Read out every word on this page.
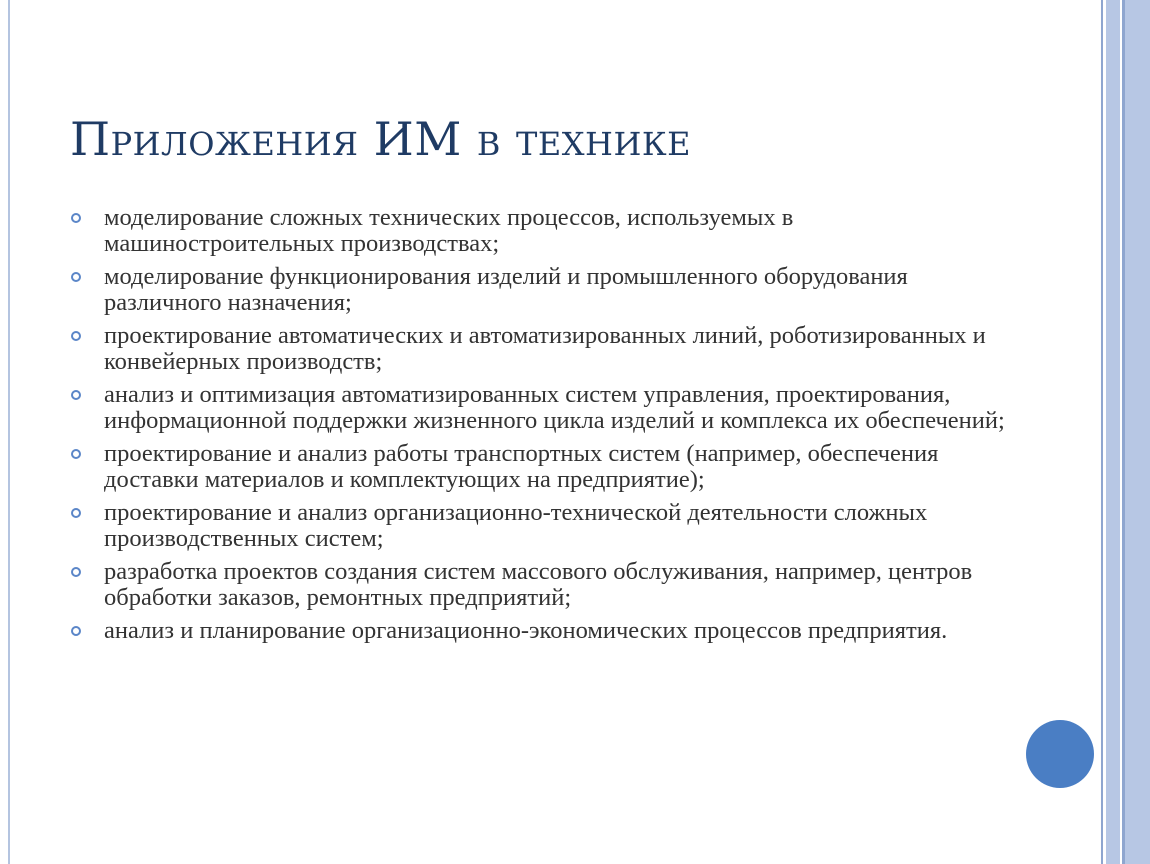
Приложения ИМ в технике
моделирование сложных технических процессов, используемых в машиностроительных производствах;
моделирование функционирования изделий и промышленного оборудования различного назначения;
проектирование автоматических и автоматизированных линий, роботизированных и конвейерных производств;
анализ и оптимизация автоматизированных систем управления, проектирования, информационной поддержки жизненного цикла изделий и комплекса их обеспечений;
проектирование и анализ работы транспортных систем (например, обеспечения доставки материалов и комплектующих на предприятие);
проектирование и анализ организационно-технической деятельности сложных производственных систем;
разработка проектов создания систем массового обслуживания, например, центров обработки заказов, ремонтных предприятий;
анализ и планирование организационно-экономических процессов предприятия.
